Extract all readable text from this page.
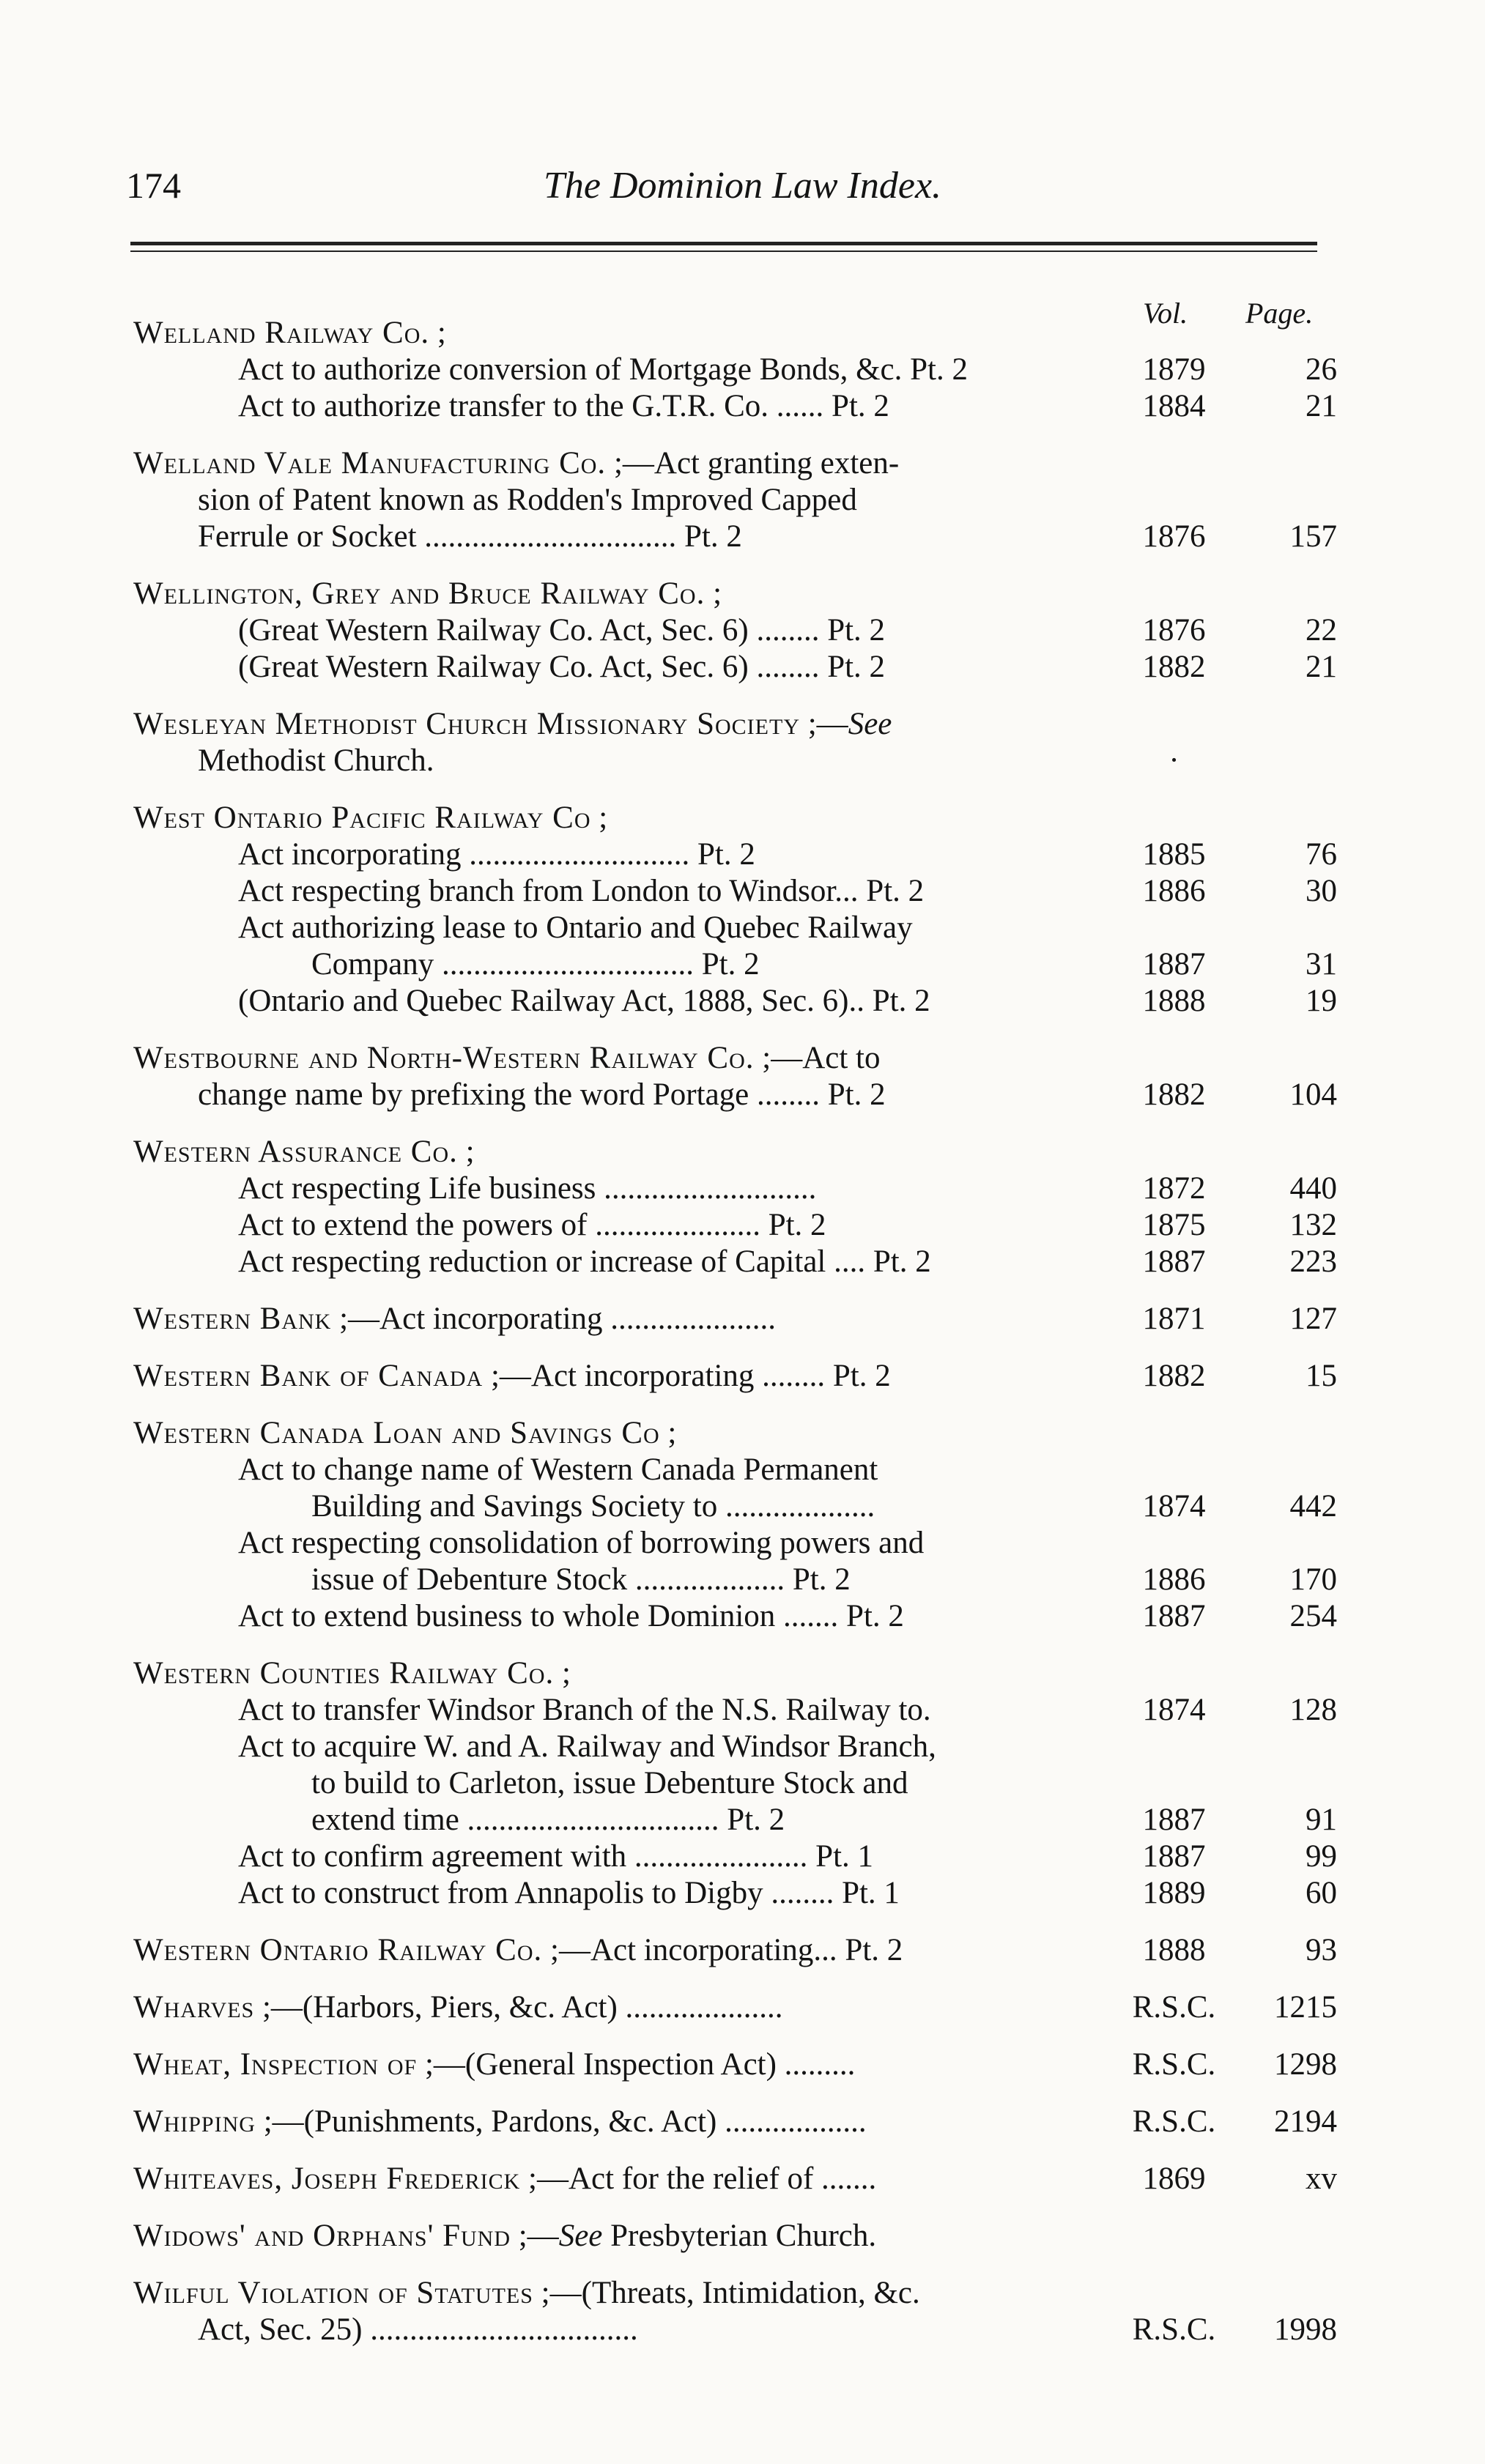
174	The Dominion Law Index.
Vol. Page.
Welland Railway Co. ;
Act to authorize conversion of Mortgage Bonds, &c. Pt. 2	1879	26
Act to authorize transfer to the G.T.R. Co. ...... Pt. 2	1884	21
Welland Vale Manufacturing Co. ;—Act granting exten-
sion of Patent known as Rodden's Improved Capped
Ferrule or Socket ................................ Pt. 2	1876	157
Wellington, Grey and Bruce Railway Co. ;
(Great Western Railway Co. Act, Sec. 6) ........ Pt. 2	1876	22
(Great Western Railway Co. Act, Sec. 6) ........ Pt. 2	1882	21
Wesleyan Methodist Church Missionary Society ;—See
Methodist Church.	·
West Ontario Pacific Railway Co ;
Act incorporating ............................ Pt. 2	1885	76
Act respecting branch from London to Windsor... Pt. 2	1886	30
Act authorizing lease to Ontario and Quebec Railway
Company ................................ Pt. 2	1887	31
(Ontario and Quebec Railway Act, 1888, Sec. 6).. Pt. 2	1888	19
Westbourne and North-Western Railway Co. ;—Act to
change name by prefixing the word Portage ........ Pt. 2	1882	104
Western Assurance Co. ;
Act respecting Life business ...........................	1872	440
Act to extend the powers of ..................... Pt. 2	1875	132
Act respecting reduction or increase of Capital .... Pt. 2	1887	223
Western Bank ;—Act incorporating .....................	1871	127
Western Bank of Canada ;—Act incorporating ........ Pt. 2	1882	15
Western Canada Loan and Savings Co ;
Act to change name of Western Canada Permanent
Building and Savings Society to ...................	1874	442
Act respecting consolidation of borrowing powers and
issue of Debenture Stock ................... Pt. 2	1886	170
Act to extend business to whole Dominion ....... Pt. 2	1887	254
Western Counties Railway Co. ;
Act to transfer Windsor Branch of the N.S. Railway to.	1874	128
Act to acquire W. and A. Railway and Windsor Branch,
to build to Carleton, issue Debenture Stock and
extend time ................................ Pt. 2	1887	91
Act to confirm agreement with ...................... Pt. 1	1887	99
Act to construct from Annapolis to Digby ........ Pt. 1	1889	60
Western Ontario Railway Co. ;—Act incorporating... Pt. 2	1888	93
Wharves ;—(Harbors, Piers, &c. Act) ....................	R.S.C.	1215
Wheat, Inspection of ;—(General Inspection Act) .........	R.S.C.	1298
Whipping ;—(Punishments, Pardons, &c. Act) ..................	R.S.C.	2194
Whiteaves, Joseph Frederick ;—Act for the relief of .......	1869	xv
Widows' and Orphans' Fund ;—See Presbyterian Church.
Wilful Violation of Statutes ;—(Threats, Intimidation, &c.
Act, Sec. 25) ..................................	R.S.C.	1998
